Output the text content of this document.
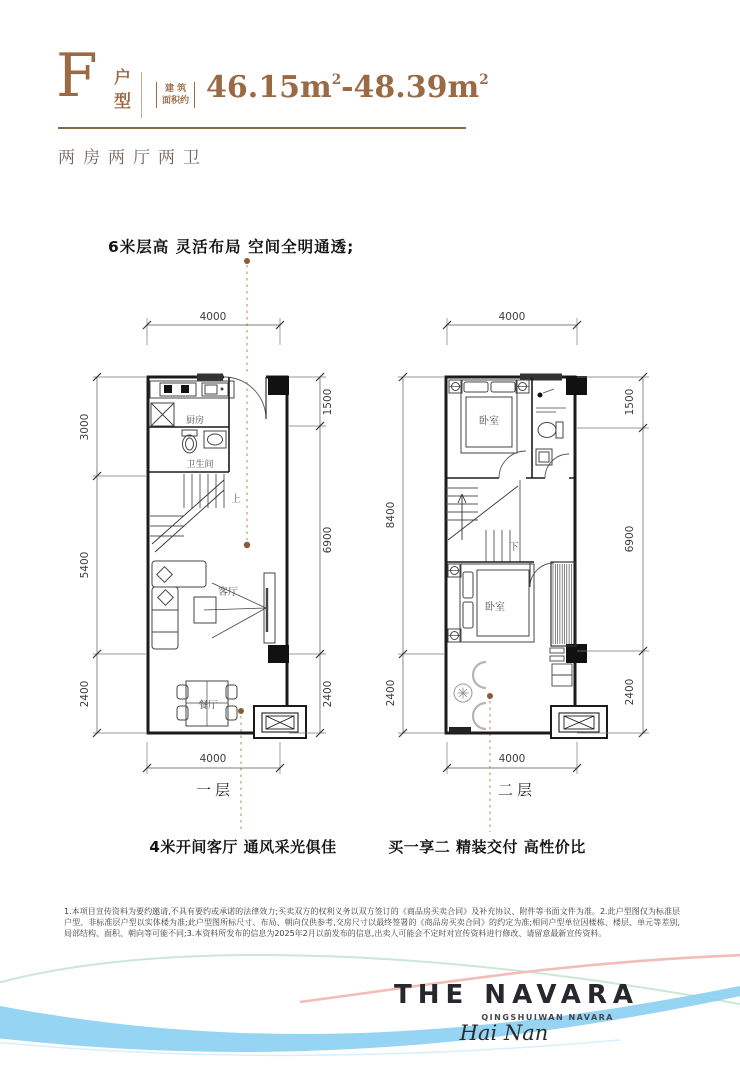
F 户型	建 筑
面积约 $46.15m^2-48.39m^2$
两房两厅两卫
6米层高 灵活布局 空间全明通透;
厨房
卫生间
上
客厅
餐厅
4000
4000
3000
5400
2400
1500
6900
2400
一层
卧室
下
卧室
4000
4000
8400
2400
1500
6900
2400
二层
4米开间客厅 通风采光俱佳	买一享二 精装交付 高性价比
1.本项目宣传资料为要约邀请,不具有要约或承诺的法律效力;买卖双方的权利义务以双方签订的《商品房买卖合同》及补充协议、附件等书面文件为准。2.此户型图仅为标准层户型、非标准层户型以实体楼为准;此户型图所标尺寸、布局、朝向仅供参考,交房尺寸以最终签署的《商品房买卖合同》的约定为准;相同户型单位因楼栋、楼层、单元等差别,局部结构、面积、朝向等可能不同;3.本资料所发布的信息为2025年2月以前发布的信息,出卖人可能会不定时对宣传资料进行修改、请留意最新宣传资料。
THE NAVARA
QINGSHUIWAN NAVARA
Hai Nan
